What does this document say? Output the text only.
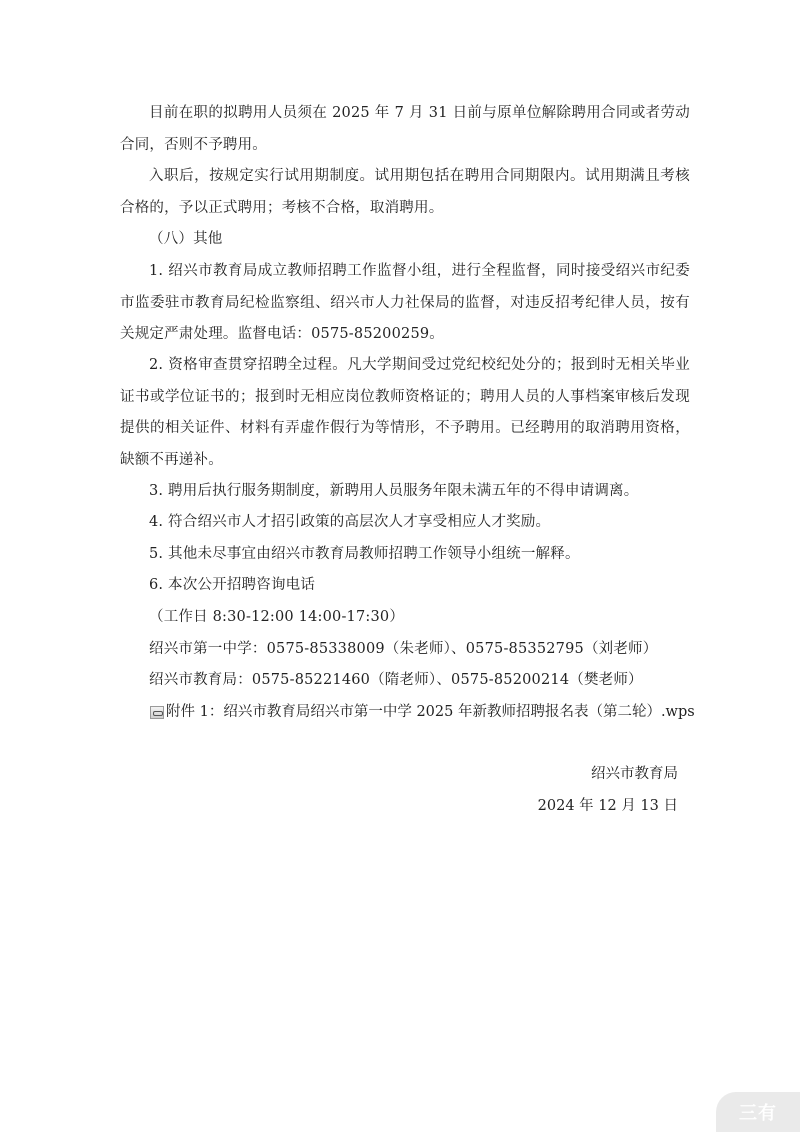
目前在职的拟聘用人员须在 2025 年 7 月 31 日前与原单位解除聘用合同或者劳动合同，否则不予聘用。

入职后，按规定实行试用期制度。试用期包括在聘用合同期限内。试用期满且考核合格的，予以正式聘用；考核不合格，取消聘用。

（八）其他

1. 绍兴市教育局成立教师招聘工作监督小组，进行全程监督，同时接受绍兴市纪委市监委驻市教育局纪检监察组、绍兴市人力社保局的监督，对违反招考纪律人员，按有关规定严肃处理。监督电话：0575-85200259。

2. 资格审查贯穿招聘全过程。凡大学期间受过党纪校纪处分的；报到时无相关毕业证书或学位证书的；报到时无相应岗位教师资格证的；聘用人员的人事档案审核后发现提供的相关证件、材料有弄虚作假行为等情形，不予聘用。已经聘用的取消聘用资格，缺额不再递补。

3. 聘用后执行服务期制度，新聘用人员服务年限未满五年的不得申请调离。

4. 符合绍兴市人才招引政策的高层次人才享受相应人才奖励。

5. 其他未尽事宜由绍兴市教育局教师招聘工作领导小组统一解释。

6. 本次公开招聘咨询电话

（工作日 8:30-12:00 14:00-17:30）

绍兴市第一中学：0575-85338009（朱老师）、0575-85352795（刘老师）

绍兴市教育局：0575-85221460（隋老师）、0575-85200214（樊老师）

附件 1：绍兴市教育局绍兴市第一中学 2025 年新教师招聘报名表（第二轮）.wps
绍兴市教育局
2024 年 12 月 13 日
三有
